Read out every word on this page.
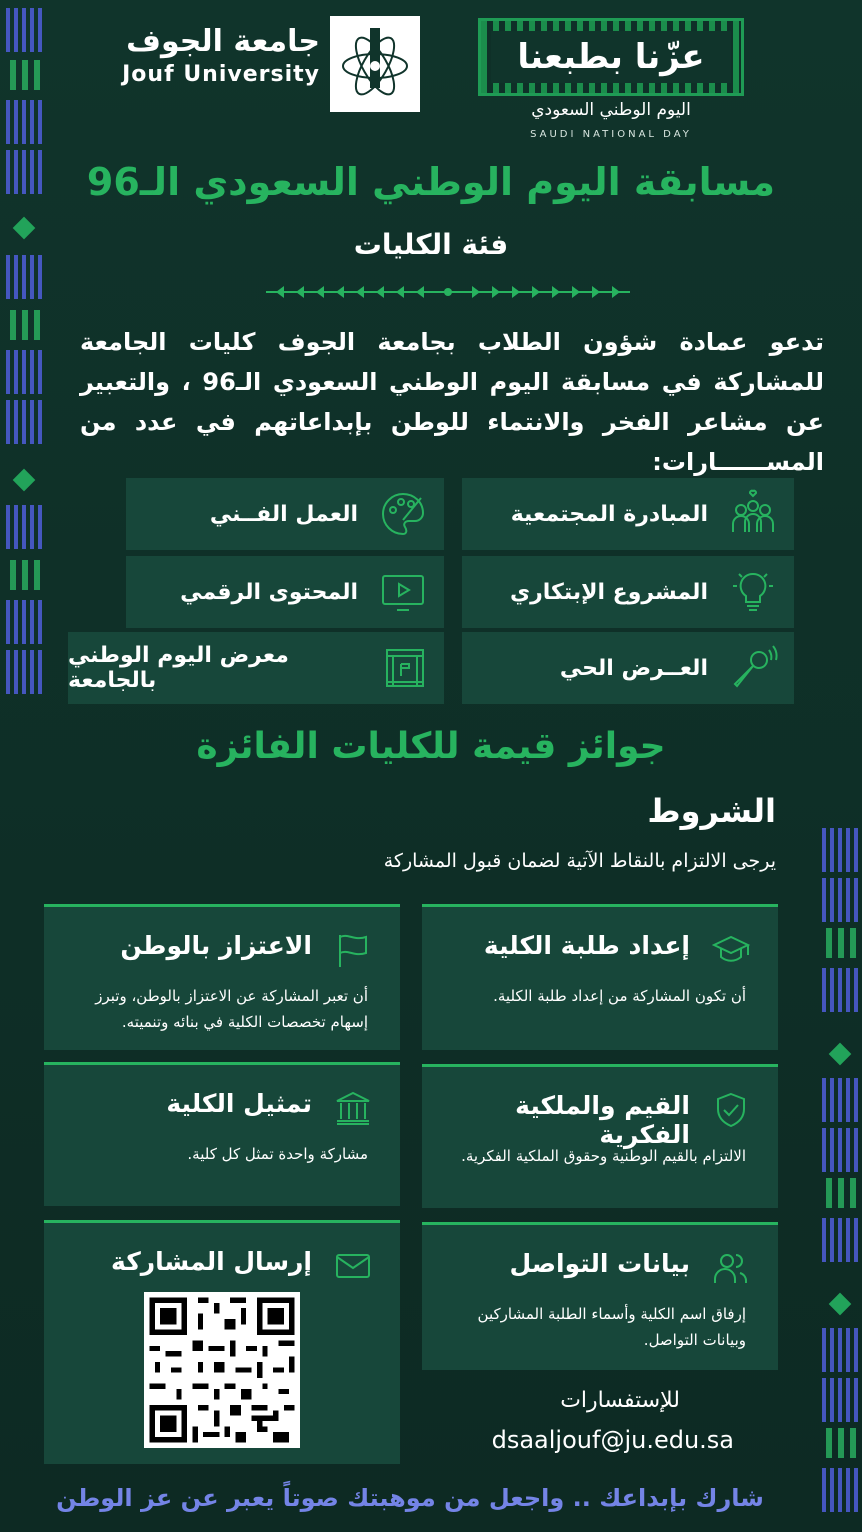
عزّنا بطبعنا
اليوم الوطني السعودي
SAUDI NATIONAL DAY
جامعة الجوف
Jouf University
مسابقة اليوم الوطني السعودي الـ96
فئة الكليات
تدعو عمادة شؤون الطلاب بجامعة الجوف كليات الجامعة للمشاركة في مسابقة اليوم الوطني السعودي الـ96 ، والتعبير عن مشاعر الفخر والانتماء للوطن بإبداعاتهم في عدد من المســــــارات:
المبادرة المجتمعية
العمل الفــني
المشروع الإبتكاري
المحتوى الرقمي
العــرض الحي
معرض اليوم الوطني بالجامعة
جوائز قيمة للكليات الفائزة
الشروط
يرجى الالتزام بالنقاط الآتية لضمان قبول المشاركة
إعداد طلبة الكلية
أن تكون المشاركة من إعداد طلبة الكلية.
الاعتزاز بالوطن
أن تعبر المشاركة عن الاعتزاز بالوطن، وتبرز إسهام تخصصات الكلية في بنائه وتنميته.
القيم والملكية الفكرية
الالتزام بالقيم الوطنية وحقوق الملكية الفكرية.
تمثيل الكلية
مشاركة واحدة تمثل كل كلية.
بيانات التواصل
إرفاق اسم الكلية وأسماء الطلبة المشاركين وبيانات التواصل.
إرسال المشاركة
للإستفسارات
dsaaljouf@ju.edu.sa
شارك بإبداعك .. واجعل من موهبتك صوتاً يعبر عن عز الوطن
